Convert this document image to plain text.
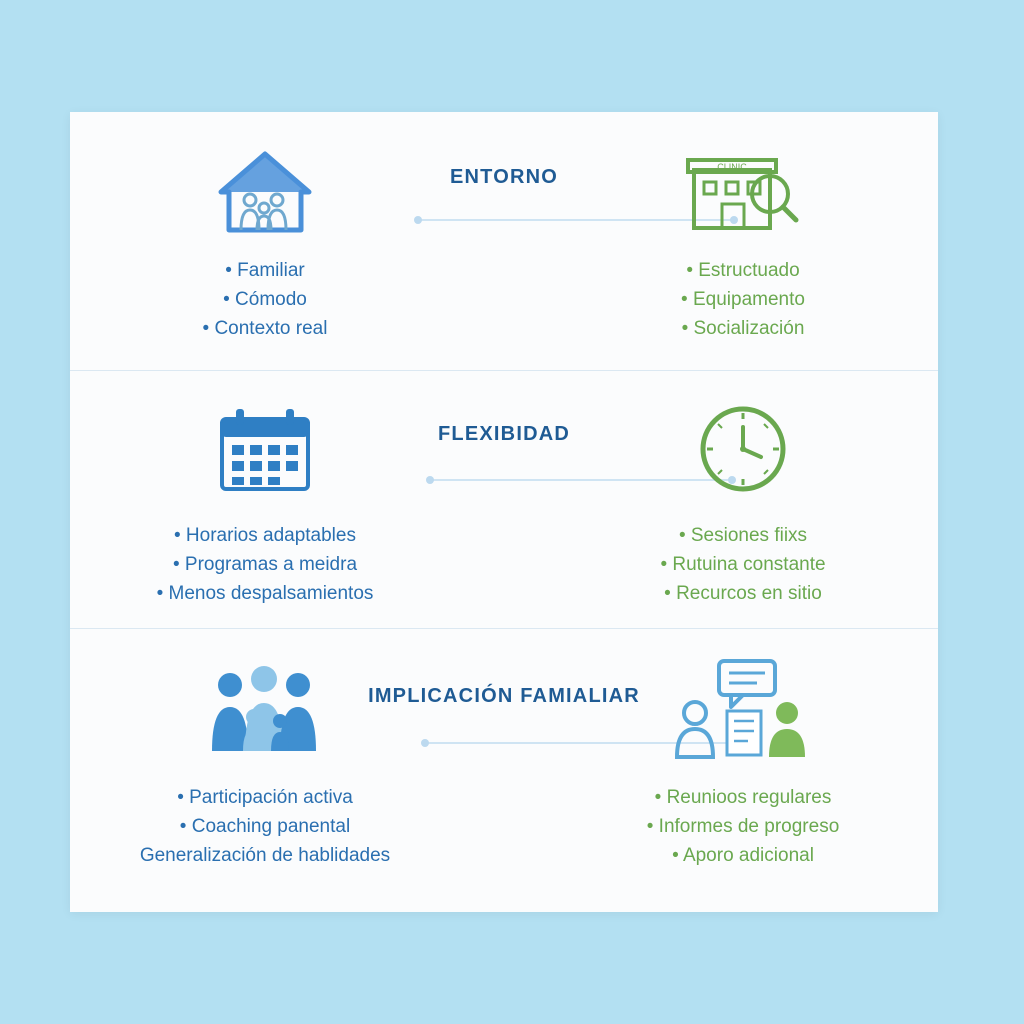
ENTORNO
• Familiar
• Cómodo
• Contexto real
CLINIC
• Estructuado
• Equipamento
• Socialización
FLEXIBIDAD
• Horarios adaptables
• Programas a meidra
• Menos despalsamientos
• Sesiones fiixs
• Rutuina constante
• Recurcos en sitio
IMPLICACIÓN FAMIALIAR
• Participación activa
• Coaching panental
Generalización de hablidades
• Reunioos regulares
• Informes de progreso
• Aporo adicional
